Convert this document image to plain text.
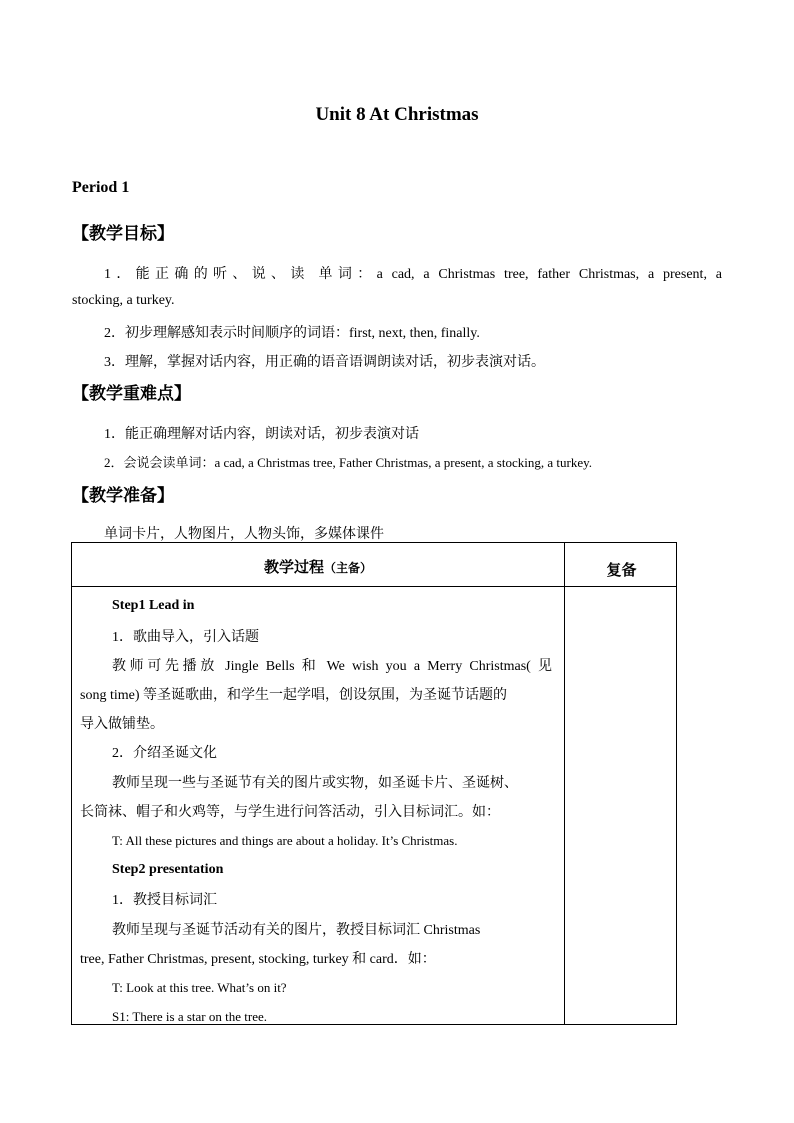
Unit 8 At Christmas
Period 1
【教学目标】
1．能正确的听、说、读 单词：a cad, a Christmas tree, father Christmas, a present, a
stocking, a turkey.
2．初步理解感知表示时间顺序的词语：first, next, then, finally.
3．理解，掌握对话内容，用正确的语音语调朗读对话，初步表演对话。
【教学重难点】
1．能正确理解对话内容，朗读对话，初步表演对话
2．会说会读单词：a cad, a Christmas tree, Father Christmas, a present, a stocking, a turkey.
【教学准备】
单词卡片，人物图片，人物头饰，多媒体课件
教学过程（主备）	复备
Step1 Lead in
1．歌曲导入，引入话题
教师可先播放 Jingle Bells 和 We wish you a Merry Christmas( 见
song time) 等圣诞歌曲，和学生一起学唱，创设氛围，为圣诞节话题的
导入做铺垫。
2．介绍圣诞文化
教师呈现一些与圣诞节有关的图片或实物，如圣诞卡片、圣诞树、
长筒袜、帽子和火鸡等，与学生进行问答活动，引入目标词汇。如：
T: All these pictures and things are about a holiday. It’s Christmas.
Step2 presentation
1．教授目标词汇
教师呈现与圣诞节活动有关的图片，教授目标词汇 Christmas
tree, Father Christmas, present, stocking, turkey 和 card．如：
T: Look at this tree. What’s on it?
S1: There is a star on the tree.
